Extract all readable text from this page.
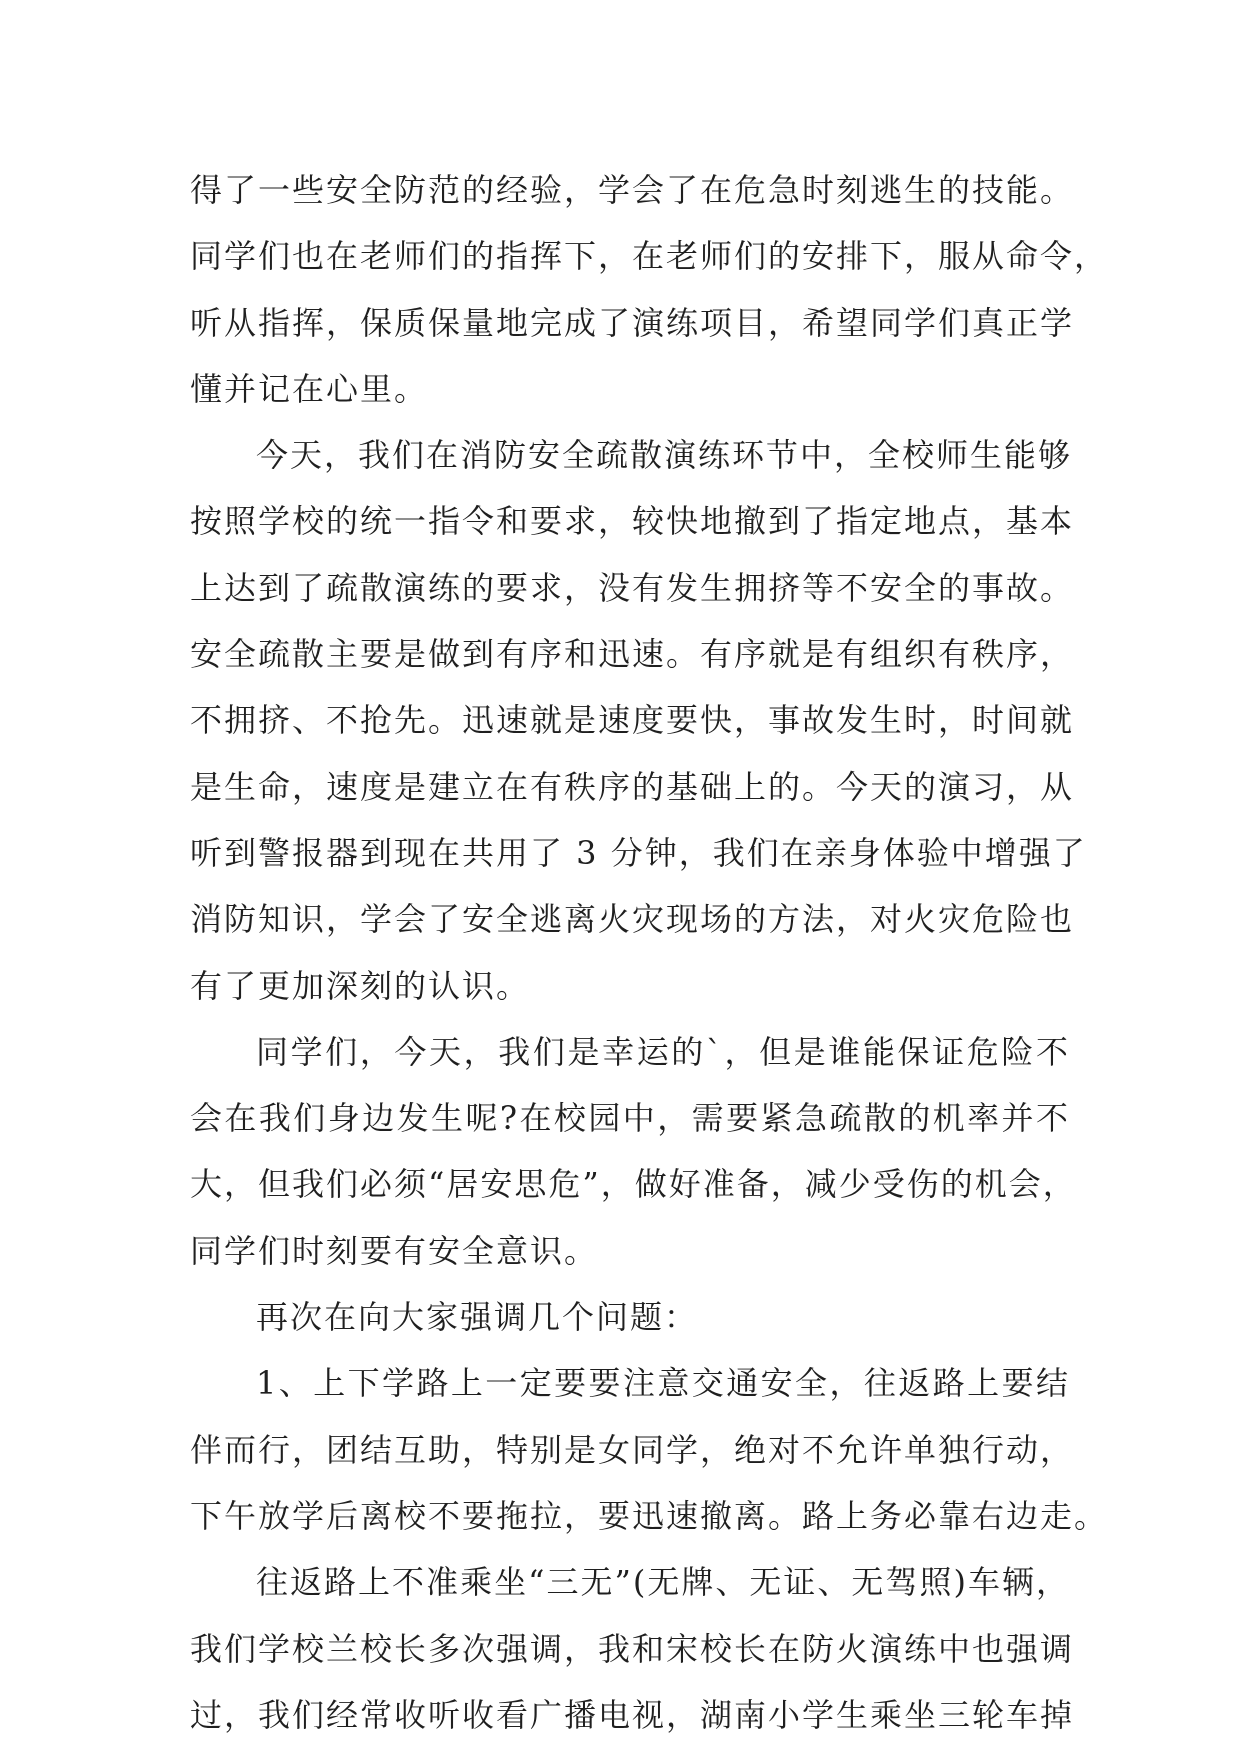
得了一些安全防范的经验，学会了在危急时刻逃生的技能。
同学们也在老师们的指挥下，在老师们的安排下，服从命令，
听从指挥，保质保量地完成了演练项目，希望同学们真正学
懂并记在心里。
今天，我们在消防安全疏散演练环节中，全校师生能够
按照学校的统一指令和要求，较快地撤到了指定地点，基本
上达到了疏散演练的要求，没有发生拥挤等不安全的事故。
安全疏散主要是做到有序和迅速。有序就是有组织有秩序，
不拥挤、不抢先。迅速就是速度要快，事故发生时，时间就
是生命，速度是建立在有秩序的基础上的。今天的演习，从
听到警报器到现在共用了 3 分钟，我们在亲身体验中增强了
消防知识，学会了安全逃离火灾现场的方法，对火灾危险也
有了更加深刻的认识。
同学们，今天，我们是幸运的`，但是谁能保证危险不
会在我们身边发生呢?在校园中，需要紧急疏散的机率并不
大，但我们必须“居安思危”，做好准备，减少受伤的机会，
同学们时刻要有安全意识。
再次在向大家强调几个问题：
1、上下学路上一定要要注意交通安全，往返路上要结
伴而行，团结互助，特别是女同学，绝对不允许单独行动，
下午放学后离校不要拖拉，要迅速撤离。路上务必靠右边走。
往返路上不准乘坐“三无”(无牌、无证、无驾照)车辆，
我们学校兰校长多次强调，我和宋校长在防火演练中也强调
过，我们经常收听收看广播电视，湖南小学生乘坐三轮车掉
